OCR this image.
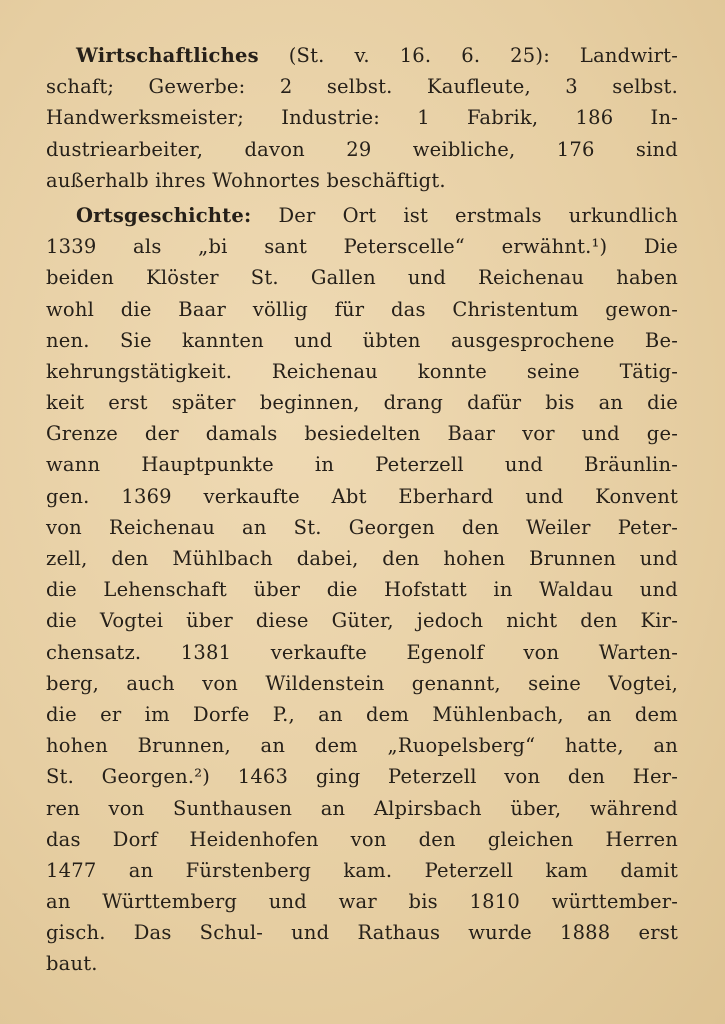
Wirtschaftliches (St. v. 16. 6. 25): Landwirt-
schaft; Gewerbe: 2 selbst. Kaufleute, 3 selbst.
Handwerksmeister; Industrie: 1 Fabrik, 186 In-
dustriearbeiter, davon 29 weibliche, 176 sind
außerhalb ihres Wohnortes beschäftigt.
Ortsgeschichte: Der Ort ist erstmals urkundlich
1339 als „bi sant Peterscelle“ erwähnt.¹) Die
beiden Klöster St. Gallen und Reichenau haben
wohl die Baar völlig für das Christentum gewon-
nen. Sie kannten und übten ausgesprochene Be-
kehrungstätigkeit. Reichenau konnte seine Tätig-
keit erst später beginnen, drang dafür bis an die
Grenze der damals besiedelten Baar vor und ge-
wann Hauptpunkte in Peterzell und Bräunlin-
gen. 1369 verkaufte Abt Eberhard und Konvent
von Reichenau an St. Georgen den Weiler Peter-
zell, den Mühlbach dabei, den hohen Brunnen und
die Lehenschaft über die Hofstatt in Waldau und
die Vogtei über diese Güter, jedoch nicht den Kir-
chensatz. 1381 verkaufte Egenolf von Warten-
berg, auch von Wildenstein genannt, seine Vogtei,
die er im Dorfe P., an dem Mühlenbach, an dem
hohen Brunnen, an dem „Ruopelsberg“ hatte, an
St. Georgen.²) 1463 ging Peterzell von den Her-
ren von Sunthausen an Alpirsbach über, während
das Dorf Heidenhofen von den gleichen Herren
1477 an Fürstenberg kam. Peterzell kam damit
an Württemberg und war bis 1810 württember-
gisch. Das Schul- und Rathaus wurde 1888 erst
baut.
